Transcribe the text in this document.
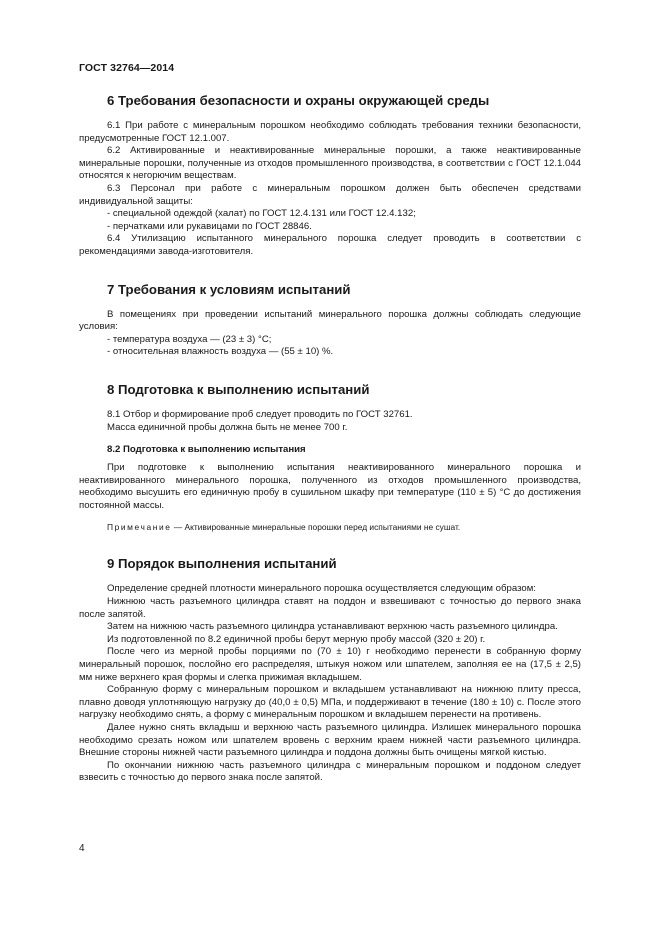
ГОСТ 32764—2014
6 Требования безопасности и охраны окружающей среды

6.1 При работе с минеральным порошком необходимо соблюдать требования техники безопасности, предусмотренные ГОСТ 12.1.007.

6.2 Активированные и неактивированные минеральные порошки, а также неактивированные минеральные порошки, полученные из отходов промышленного производства, в соответствии с ГОСТ 12.1.044 относятся к негорючим веществам.

6.3 Персонал при работе с минеральным порошком должен быть обеспечен средствами индивидуальной защиты:

- специальной одеждой (халат) по ГОСТ 12.4.131 или ГОСТ 12.4.132;

- перчатками или рукавицами по ГОСТ 28846.

6.4 Утилизацию испытанного минерального порошка следует проводить в соответствии с рекомендациями завода-изготовителя.

7 Требования к условиям испытаний

В помещениях при проведении испытаний минерального порошка должны соблюдать следующие условия:

- температура воздуха — (23 ± 3) °C;

- относительная влажность воздуха — (55 ± 10) %.

8 Подготовка к выполнению испытаний

8.1 Отбор и формирование проб следует проводить по ГОСТ 32761.

Масса единичной пробы должна быть не менее 700 г.

8.2 Подготовка к выполнению испытания

При подготовке к выполнению испытания неактивированного минерального порошка и неактивированного минерального порошка, полученного из отходов промышленного производства, необходимо высушить его единичную пробу в сушильном шкафу при температуре (110 ± 5) °C до достижения постоянной массы.

Примечание — Активированные минеральные порошки перед испытаниями не сушат.

9 Порядок выполнения испытаний

Определение средней плотности минерального порошка осуществляется следующим образом:

Нижнюю часть разъемного цилиндра ставят на поддон и взвешивают с точностью до первого знака после запятой.

Затем на нижнюю часть разъемного цилиндра устанавливают верхнюю часть разъемного цилиндра.

Из подготовленной по 8.2 единичной пробы берут мерную пробу массой (320 ± 20) г.

После чего из мерной пробы порциями по (70 ± 10) г необходимо перенести в собранную форму минеральный порошок, послойно его распределяя, штыкуя ножом или шпателем, заполняя ее на (17,5 ± 2,5) мм ниже верхнего края формы и слегка прижимая вкладышем.

Собранную форму с минеральным порошком и вкладышем устанавливают на нижнюю плиту пресса, плавно доводя уплотняющую нагрузку до (40,0 ± 0,5) МПа, и поддерживают в течение (180 ± 10) с. После этого нагрузку необходимо снять, а форму с минеральным порошком и вкладышем перенести на противень.

Далее нужно снять вкладыш и верхнюю часть разъемного цилиндра. Излишек минерального порошка необходимо срезать ножом или шпателем вровень с верхним краем нижней части разъемного цилиндра. Внешние стороны нижней части разъемного цилиндра и поддона должны быть очищены мягкой кистью.

По окончании нижнюю часть разъемного цилиндра с минеральным порошком и поддоном следует взвесить с точностью до первого знака после запятой.

4
